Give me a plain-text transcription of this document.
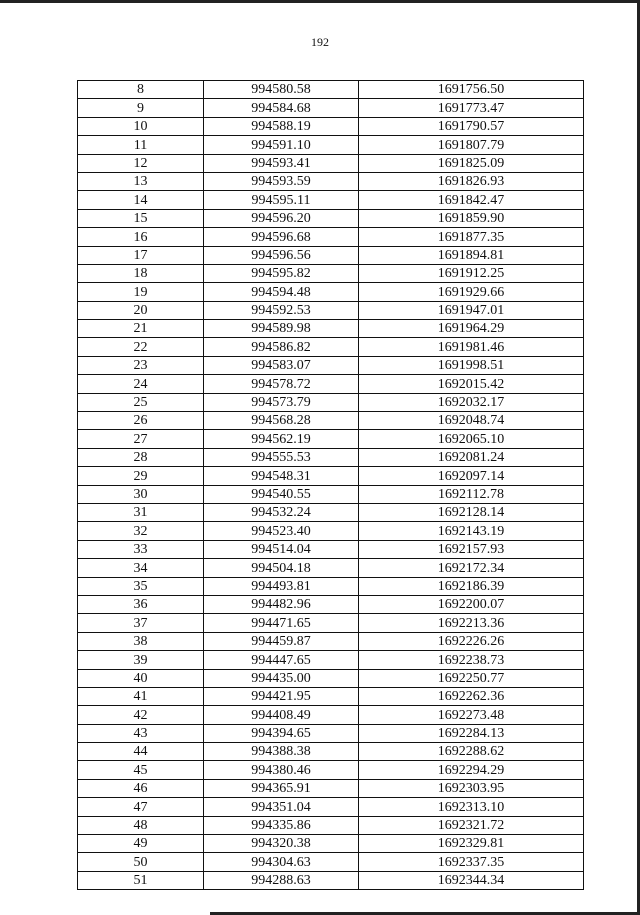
192
8	994580.58	1691756.50
9	994584.68	1691773.47
10	994588.19	1691790.57
11	994591.10	1691807.79
12	994593.41	1691825.09
13	994593.59	1691826.93
14	994595.11	1691842.47
15	994596.20	1691859.90
16	994596.68	1691877.35
17	994596.56	1691894.81
18	994595.82	1691912.25
19	994594.48	1691929.66
20	994592.53	1691947.01
21	994589.98	1691964.29
22	994586.82	1691981.46
23	994583.07	1691998.51
24	994578.72	1692015.42
25	994573.79	1692032.17
26	994568.28	1692048.74
27	994562.19	1692065.10
28	994555.53	1692081.24
29	994548.31	1692097.14
30	994540.55	1692112.78
31	994532.24	1692128.14
32	994523.40	1692143.19
33	994514.04	1692157.93
34	994504.18	1692172.34
35	994493.81	1692186.39
36	994482.96	1692200.07
37	994471.65	1692213.36
38	994459.87	1692226.26
39	994447.65	1692238.73
40	994435.00	1692250.77
41	994421.95	1692262.36
42	994408.49	1692273.48
43	994394.65	1692284.13
44	994388.38	1692288.62
45	994380.46	1692294.29
46	994365.91	1692303.95
47	994351.04	1692313.10
48	994335.86	1692321.72
49	994320.38	1692329.81
50	994304.63	1692337.35
51	994288.63	1692344.34
